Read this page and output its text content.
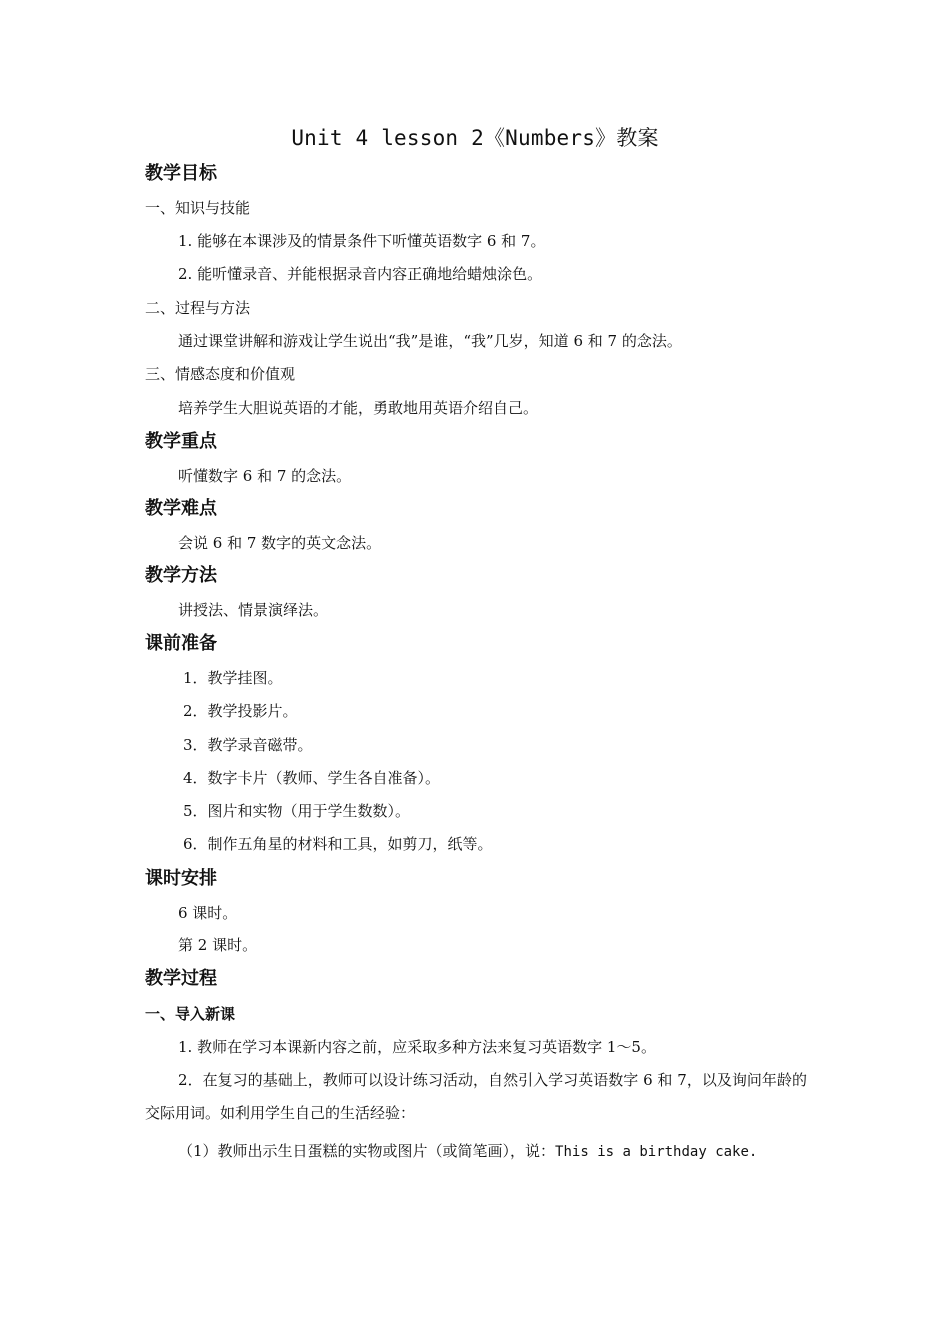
Unit 4 lesson 2《Numbers》教案
教学目标
一、知识与技能
1. 能够在本课涉及的情景条件下听懂英语数字 6 和 7。
2. 能听懂录音、并能根据录音内容正确地给蜡烛涂色。
二、过程与方法
通过课堂讲解和游戏让学生说出“我”是谁，“我”几岁，知道 6 和 7 的念法。
三、情感态度和价值观
培养学生大胆说英语的才能，勇敢地用英语介绍自己。
教学重点
听懂数字 6 和 7 的念法。
教学难点
会说 6 和 7 数字的英文念法。
教学方法
讲授法、情景演绎法。
课前准备
1．教学挂图。
2．教学投影片。
3．教学录音磁带。
4．数字卡片（教师、学生各自准备）。
5．图片和实物（用于学生数数）。
6．制作五角星的材料和工具，如剪刀，纸等。
课时安排
6 课时。
第 2 课时。
教学过程
一、导入新课
1. 教师在学习本课新内容之前，应采取多种方法来复习英语数字 1～5。
2．在复习的基础上，教师可以设计练习活动，自然引入学习英语数字 6 和 7，以及询问年龄的交际用词。如利用学生自己的生活经验：
（1）教师出示生日蛋糕的实物或图片（或简笔画），说：This is a birthday cake.
